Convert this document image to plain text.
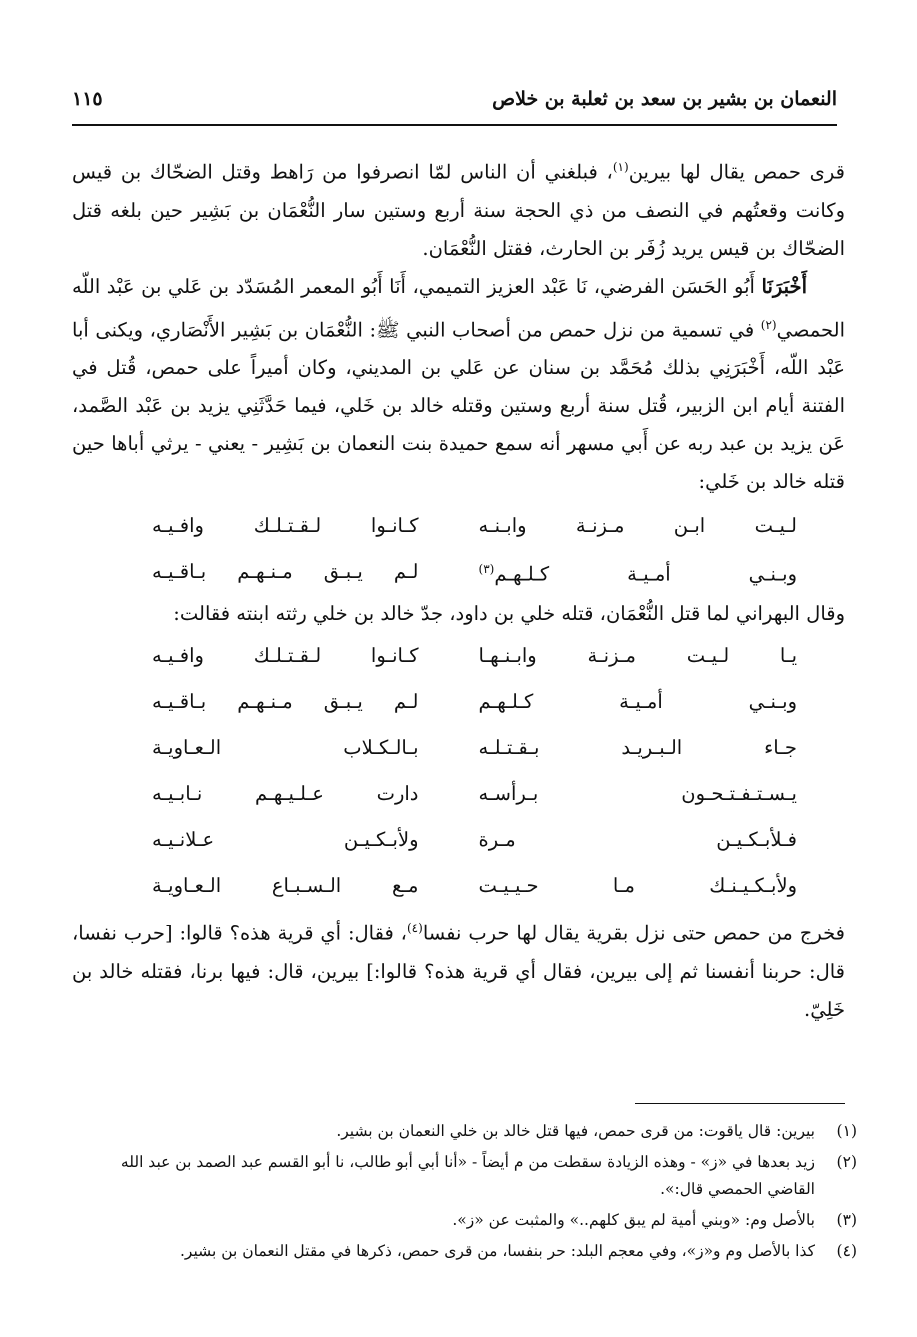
النعمان بن بشير بن سعد بن ثعلبة بن خلاص
١١٥

قرى حمص يقال لها بيرين$^{(١)}$، فبلغني أن الناس لمّا انصرفوا من رَاهط وقتل الضحّاك بن قيس وكانت وقعتُهم في النصف من ذي الحجة سنة أربع وستين سار النُّعْمَان بن بَشِير حين بلغه قتل الضحّاك بن قيس يريد زُفَر بن الحارث، فقتل النُّعْمَان.

أَخْبَرَنَا أَبُو الحَسَن الفرضي، نَا عَبْد العزيز التميمي، أَنَا أَبُو المعمر المُسَدّد بن عَلي بن عَبْد اللّه الحمصي$^{(٢)}$ في تسمية من نزل حمص من أصحاب النبي ﷺ: النُّعْمَان بن بَشِير الأَنْصَاري، ويكنى أبا عَبْد اللّه، أَخْبَرَنِي بذلك مُحَمَّد بن سنان عن عَلي بن المديني، وكان أميراً على حمص، قُتل في الفتنة أيام ابن الزبير، قُتل سنة أربع وستين وقتله خالد بن خَلي، فيما حَدَّثَنِي يزيد بن عَبْد الصَّمد، عَن يزيد بن عبد ربه عن أَبي مسهر أنه سمع حميدة بنت النعمان بن بَشِير - يعني - يرثي أباها حين قتله خالد بن خَلي:

لـيـت ابـن مـزنـة وابـنـه
كـانـوا لـقـتـلـك وافـيـه
وبـنـي أمـيـة كـلـهـم$^{(٣)}$
لـم يـبـق مـنـهـم بـاقـيـه

وقال البهراني لما قتل النُّعْمَان، قتله خلي بن داود، جدّ خالد بن خلي رثته ابنته فقالت:

يـا لـيـت مـزنـة وابـنـهـا
كـانـوا لـقـتـلـك وافـيـه
وبـنـي أمـيـة كـلـهـم
لـم يـبـق مـنـهـم بـاقـيـه
جـاء الـبـريـد بـقـتـلـه
بـالـكـلاب الـعـاويـة
يـسـتـفـتـحـون بـرأسـه
دارت عـلـيـهـم نـابـيـه
فـلأبـكـيـن مـرة
ولأبـكـيـن عـلانـيـه
ولأبـكـيـنـك مـا حـيـيـت
مـع الـسـبـاع الـعـاويـة

فخرج من حمص حتى نزل بقرية يقال لها حرب نفسا$^{(٤)}$، فقال: أي قرية هذه؟ قالوا: [حرب نفسا، قال: حربنا أنفسنا ثم إلى بيرين، فقال أي قرية هذه؟ قالوا:] بيرين، قال: فيها برنا، فقتله خالد بن خَلِيّ.

(١)
بيرين: قال ياقوت: من قرى حمص، فيها قتل خالد بن خلي النعمان بن بشير.
(٢)
زيد بعدها في «ز» - وهذه الزيادة سقطت من م أيضاً - «أنا أبي أبو طالب، نا أبو القسم عبد الصمد بن عبد الله القاضي الحمصي قال:».
(٣)
بالأصل وم: «وبني أمية لم يبق كلهم..» والمثبت عن «ز».
(٤)
كذا بالأصل وم و«ز»، وفي معجم البلد: حر بنفسا، من قرى حمص، ذكرها في مقتل النعمان بن بشير.
